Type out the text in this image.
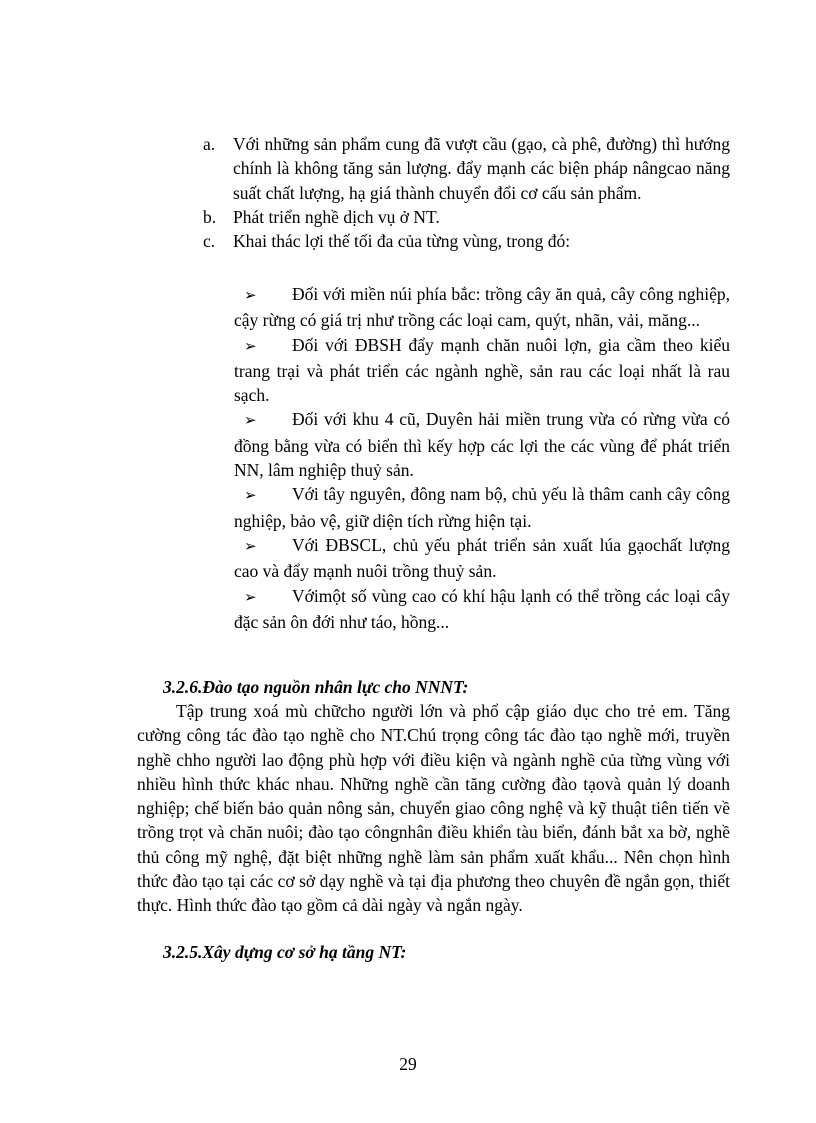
a. Với những sản phẩm cung đã vượt cầu (gạo, cà phê, đường) thì hướng chính là không tăng sản lượng. đẩy mạnh các biện pháp nângcao năng suất chất lượng, hạ giá thành chuyển đổi cơ cấu sản phẩm.
b. Phát triển nghề dịch vụ ở NT.
c. Khai thác lợi thế tối đa của từng vùng, trong đó:
➢ Đối với miền núi phía bắc: trồng cây ăn quả, cây công nghiệp, cậy rừng có giá trị như trồng các loại cam, quýt, nhãn, vải, măng...
➢ Đối với ĐBSH đẩy mạnh chăn nuôi lợn, gia cầm theo kiểu trang trại và phát triển các ngành nghề, sản rau các loại nhất là rau sạch.
➢ Đối với khu 4 cũ, Duyên hải miền trung vừa có rừng vừa có đồng bằng vừa có biển thì kếy hợp các lợi the các vùng để phát triển NN, lâm nghiệp thuỷ sản.
➢ Với tây nguyên, đông nam bộ, chủ yếu là thâm canh cây công nghiệp, bảo vệ, giữ diện tích rừng hiện tại.
➢ Với ĐBSCL, chủ yếu phát triển sản xuất lúa gạochất lượng cao và đẩy mạnh nuôi trồng thuỷ sản.
➢ Vớimột số vùng cao có khí hậu lạnh có thể trồng các loại cây đặc sản ôn đới như táo, hồng...

3.2.6.Đào tạo nguồn nhân lực cho NNNT:

Tập trung xoá mù chữcho người lớn và phổ cập giáo dục cho trẻ em. Tăng cường công tác đào tạo nghề cho NT.Chú trọng công tác đào tạo nghề mới, truyền nghề chho người lao động phù hợp với điều kiện và ngành nghề của từng vùng với nhiều hình thức khác nhau. Những nghề cần tăng cường đào tạovà quản lý doanh nghiệp; chế biến bảo quản nông sản, chuyển giao công nghệ và kỹ thuật tiên tiến về trồng trọt và chăn nuôi; đào tạo côngnhân điều khiển tàu biển, đánh bắt xa bờ, nghề thủ công mỹ nghệ, đặt biệt những nghề làm sản phẩm xuất khẩu... Nên chọn hình thức đào tạo tại các cơ sở dạy nghề và tại địa phương theo chuyên đề ngắn gọn, thiết thực. Hình thức đào tạo gồm cả dài ngày và ngắn ngày.

3.2.5.Xây dựng cơ sở hạ tầng NT:

29
